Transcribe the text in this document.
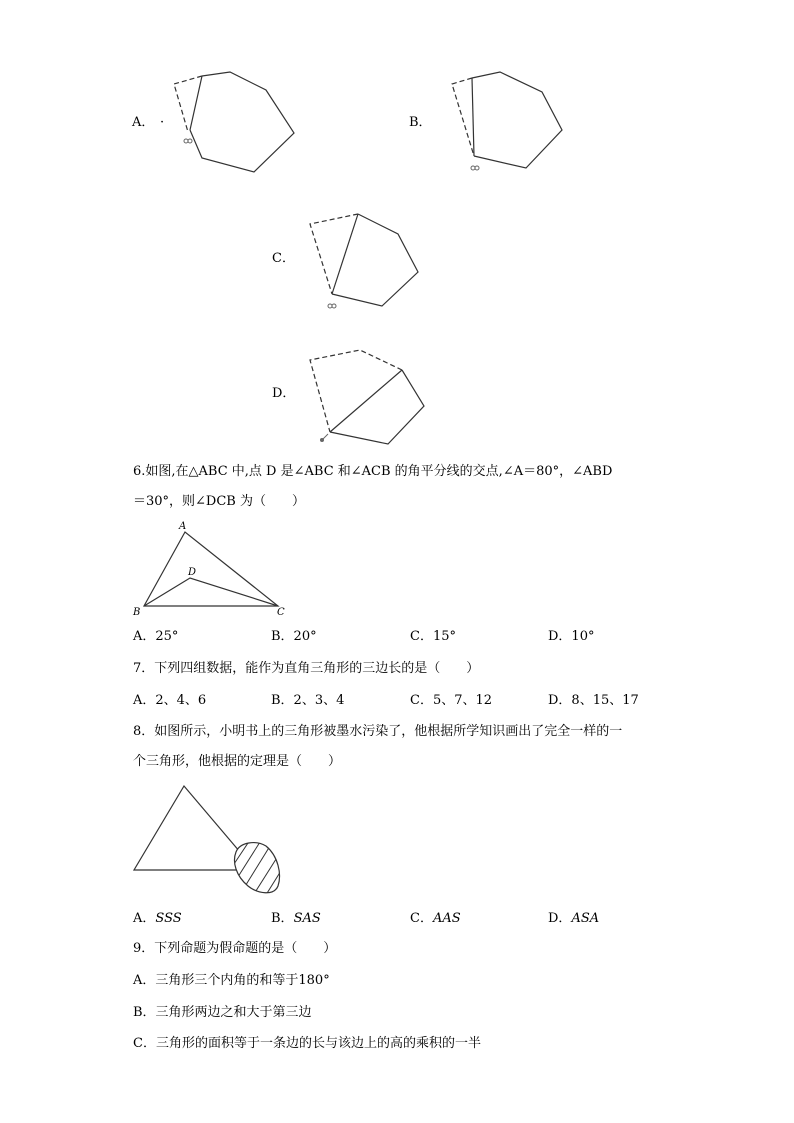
A． ·	B．
C．
D．
6.如图,在△ABC 中,点 D 是∠ABC 和∠ACB 的角平分线的交点,∠A＝80°，∠ABD
＝30°，则∠DCB 为（　　）
A
B	C
D
A．25°	B．20°	C．15°	D．10°
7．下列四组数据，能作为直角三角形的三边长的是（　　）
A．2、4、6	B．2、3、4	C．5、7、12	D．8、15、17
8．如图所示，小明书上的三角形被墨水污染了，他根据所学知识画出了完全一样的一
个三角形，他根据的定理是（　　）
A．SSS	B．SAS	C．AAS	D．ASA
9．下列命题为假命题的是（　　）
A．三角形三个内角的和等于180°
B．三角形两边之和大于第三边
C．三角形的面积等于一条边的长与该边上的高的乘积的一半
